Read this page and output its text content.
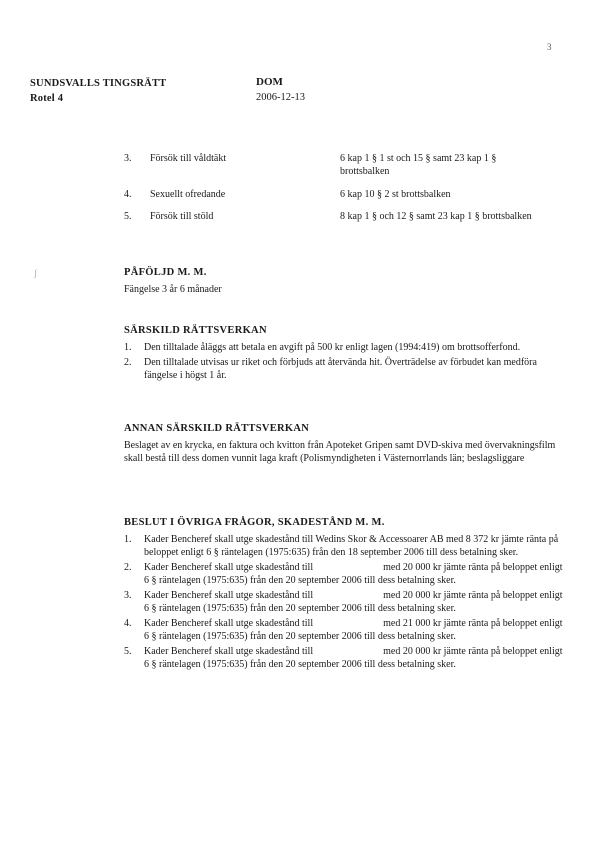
3
SUNDSVALLS TINGSRÄTT
Rotel 4
DOM
2006-12-13
3. Försök till våldtäkt	6 kap 1 § 1 st och 15 § samt 23 kap 1 § brottsbalken
4. Sexuellt ofredande	6 kap 10 § 2 st brottsbalken
5. Försök till stöld	8 kap 1 § och 12 § samt 23 kap 1 § brottsbalken
ʃ	PÅFÖLJD M. M.

Fängelse 3 år 6 månader

SÄRSKILD RÄTTSVERKAN
1. Den tilltalade åläggs att betala en avgift på 500 kr enligt lagen (1994:419) om brottsofferfond.
2. Den tilltalade utvisas ur riket och förbjuds att återvända hit. Överträdelse av förbudet kan medföra fängelse i högst 1 år.
ANNAN SÄRSKILD RÄTTSVERKAN

Beslaget av en krycka, en faktura och kvitton från Apoteket Gripen samt DVD-skiva med övervakningsfilm skall bestå till dess domen vunnit laga kraft (Polismyndigheten i Västernorrlands län; beslagsliggare

BESLUT I ÖVRIGA FRÅGOR, SKADESTÅND M. M.
1. Kader Bencheref skall utge skadestånd till Wedins Skor & Accessoarer AB med 8 372 kr jämte ränta på beloppet enligt 6 § räntelagen (1975:635) från den 18 september 2006 till dess betalning sker.
2. Kader Bencheref skall utge skadestånd till	med 20 000 kr jämte ränta på beloppet enligt 6 § räntelagen (1975:635) från den 20 september 2006 till dess betalning sker.
3. Kader Bencheref skall utge skadestånd till	med 20 000 kr jämte ränta på beloppet enligt 6 § räntelagen (1975:635) från den 20 september 2006 till dess betalning sker.
4. Kader Bencheref skall utge skadestånd till	med 21 000 kr jämte ränta på beloppet enligt 6 § räntelagen (1975:635) från den 20 september 2006 till dess betalning sker.
5. Kader Bencheref skall utge skadestånd till	med 20 000 kr jämte ränta på beloppet enligt 6 § räntelagen (1975:635) från den 20 september 2006 till dess betalning sker.
